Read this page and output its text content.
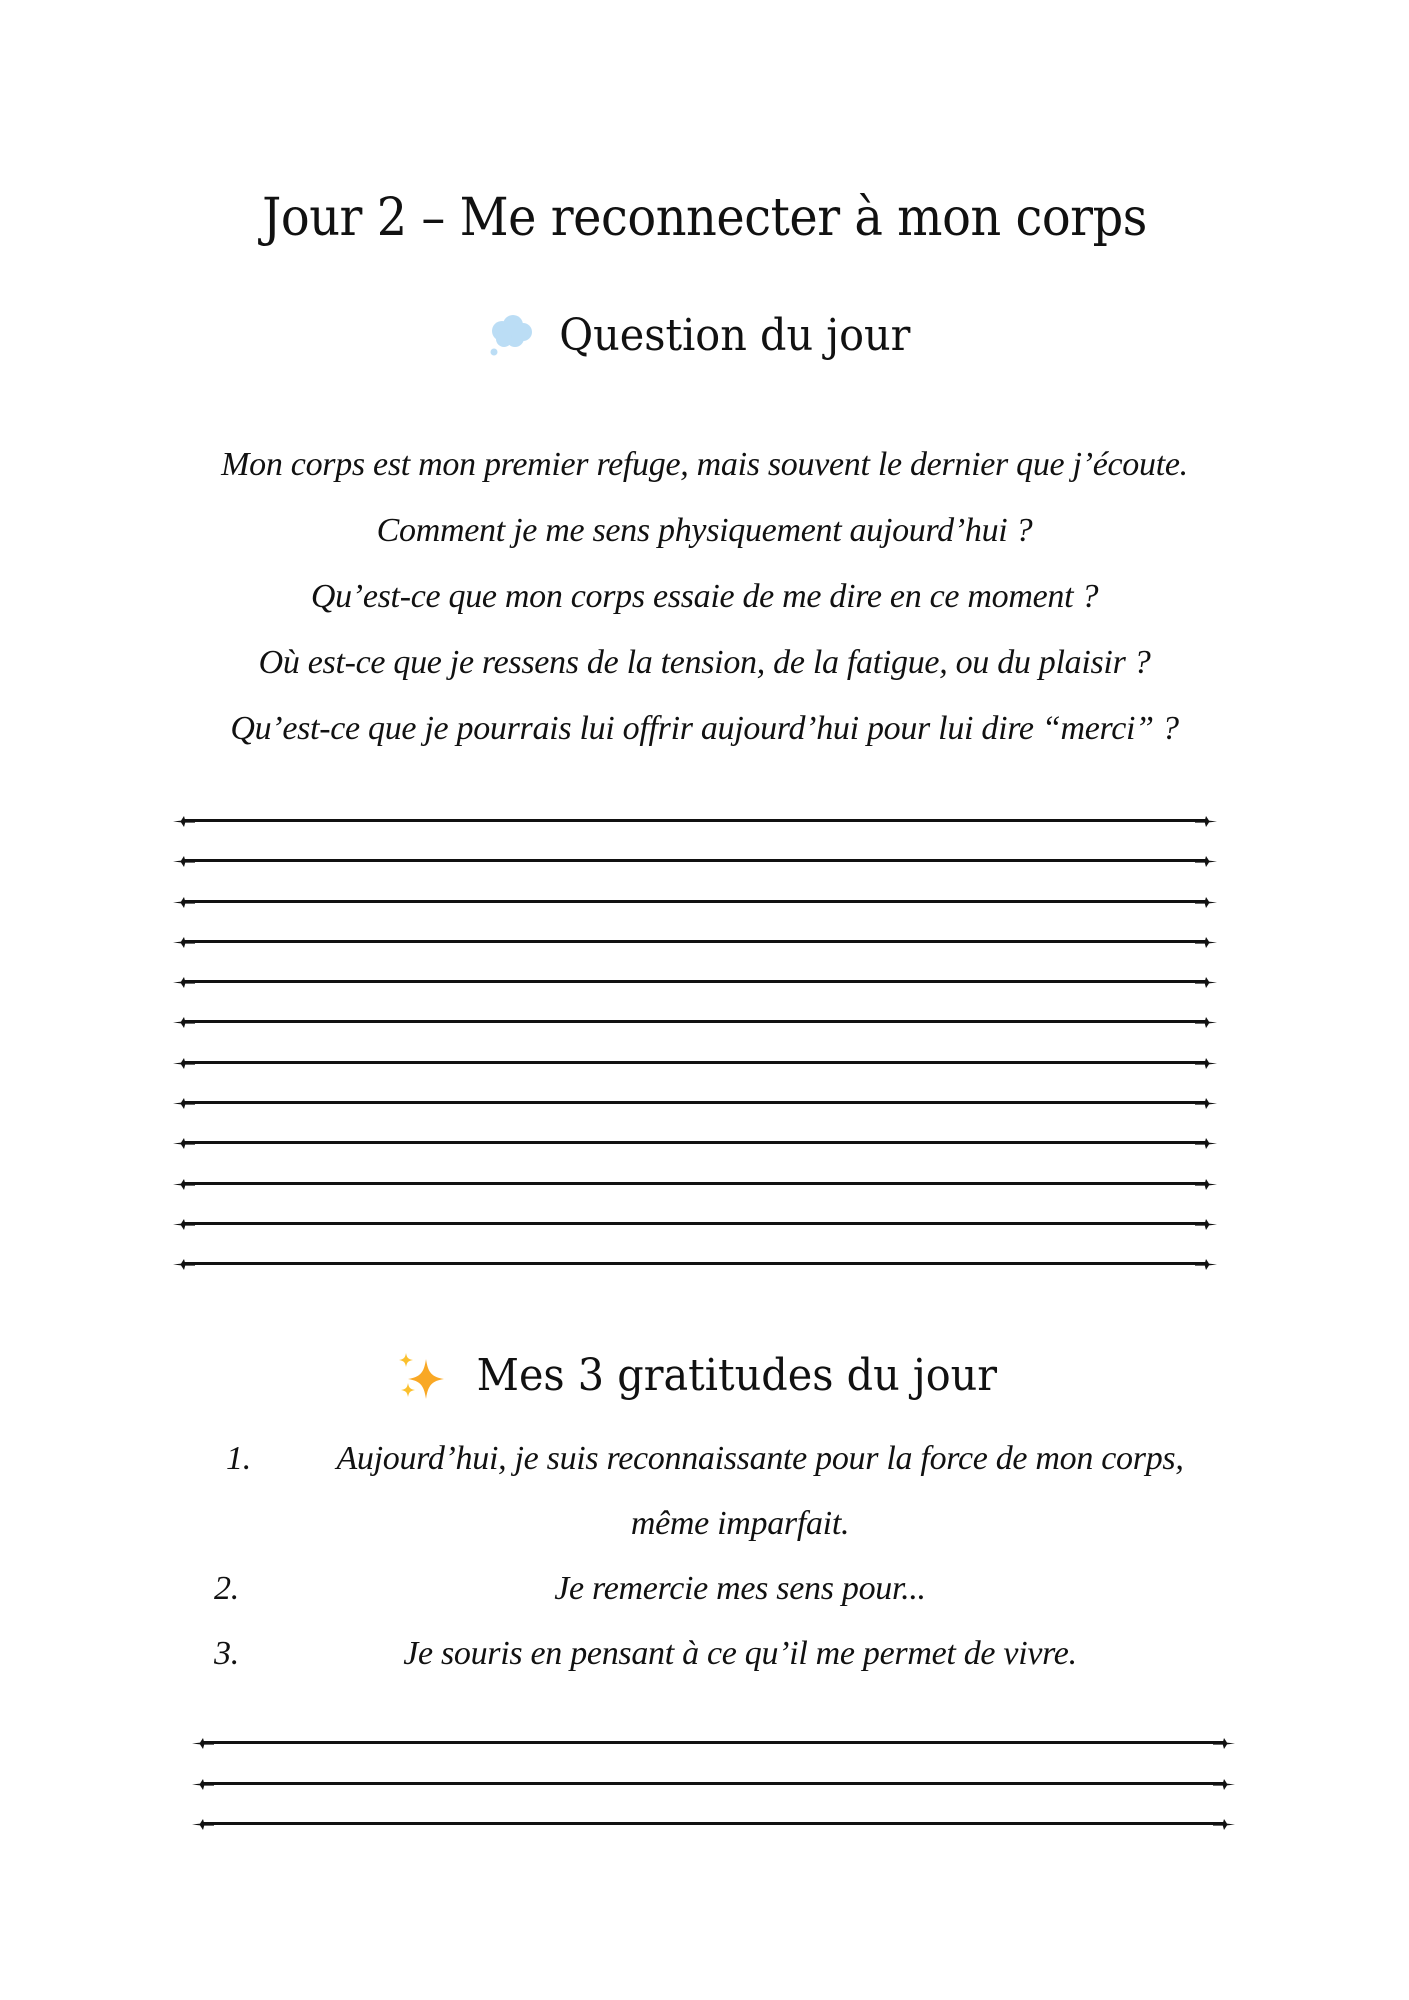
Jour 2 – Me reconnecter à mon corps
Question du jour
Mon corps est mon premier refuge, mais souvent le dernier que j’écoute.
Comment je me sens physiquement aujourd’hui ?
Qu’est-ce que mon corps essaie de me dire en ce moment ?
Où est-ce que je ressens de la tension, de la fatigue, ou du plaisir ?
Qu’est-ce que je pourrais lui offrir aujourd’hui pour lui dire “merci” ?
Mes 3 gratitudes du jour
1.	Aujourd’hui, je suis reconnaissante pour la force de mon corps,
même imparfait.
2.	Je remercie mes sens pour...
3.	Je souris en pensant à ce qu’il me permet de vivre.
